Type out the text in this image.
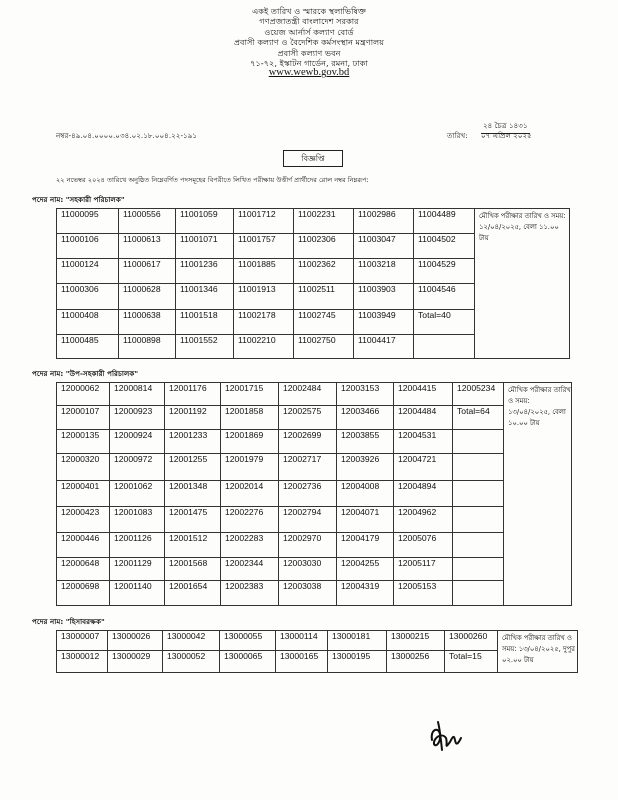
একই তারিখ ও স্মারকে স্থলাভিষিক্ত
গণপ্রজাতন্ত্রী বাংলাদেশ সরকার
ওয়েজ আর্নার্স কল্যাণ বোর্ড
প্রবাসী কল্যাণ ও বৈদেশিক কর্মসংস্থান মন্ত্রণালয়
প্রবাসী কল্যাণ ভবন
৭১-৭২, ইস্কাটন গার্ডেন, রমনা, ঢাকা
www.wewb.gov.bd
নম্বর-৪৯.০৪.০০০০.০৩৪.০২.১৮.০০৪.২২-১৯১
২৪ চৈত্র ১৪৩১
তারিখ: ০৭ এপ্রিল ২০২৫
বিজ্ঞপ্তি
২২ নভেম্বর ২০২৪ তারিখে অনুষ্ঠিত নিম্নেবর্ণিত পদসমূহের বিপরীতে লিখিত পরীক্ষায় উত্তীর্ণ প্রার্থীদের রোল নম্বর নিম্নরূপ:
পদের নাম: "সহকারী পরিচালক"
11000095	11000556	11001059	11001712	11002231	11002986	11004489	মৌখিক পরীক্ষার তারিখ ও সময়: ১২/০৪/২০২৫, বেলা ১১.০০ টায়
11000106	11000613	11001071	11001757	11002306	11003047	11004502	
11000124	11000617	11001236	11001885	11002362	11003218	11004529	
11000306	11000628	11001346	11001913	11002511	11003903	11004546	
11000408	11000638	11001518	11002178	11002745	11003949	Total=40	
11000485	11000898	11001552	11002210	11002750	11004417		
পদের নাম: "উপ-সহকারী পরিচালক"
12000062	12000814	12001176	12001715	12002484	12003153	12004415	12005234	মৌখিক পরীক্ষার তারিখ ও সময়: ১৩/০৪/২০২৫, বেলা ১০.০০ টায়
12000107	12000923	12001192	12001858	12002575	12003466	12004484	Total=64	
12000135	12000924	12001233	12001869	12002699	12003855	12004531		
12000320	12000972	12001255	12001979	12002717	12003926	12004721		
12000401	12001062	12001348	12002014	12002736	12004008	12004894		
12000423	12001083	12001475	12002276	12002794	12004071	12004962		
12000446	12001126	12001512	12002283	12002970	12004179	12005076		
12000648	12001129	12001568	12002344	12003030	12004255	12005117		
12000698	12001140	12001654	12002383	12003038	12004319	12005153		
পদের নাম: "হিসাবরক্ষক"
13000007	13000026	13000042	13000055	13000114	13000181	13000215	13000260	মৌখিক পরীক্ষার তারিখ ও সময়: ১৩/০৪/২০২৫, দুপুর ০২.০০ টায়
13000012	13000029	13000052	13000065	13000165	13000195	13000256	Total=15	
